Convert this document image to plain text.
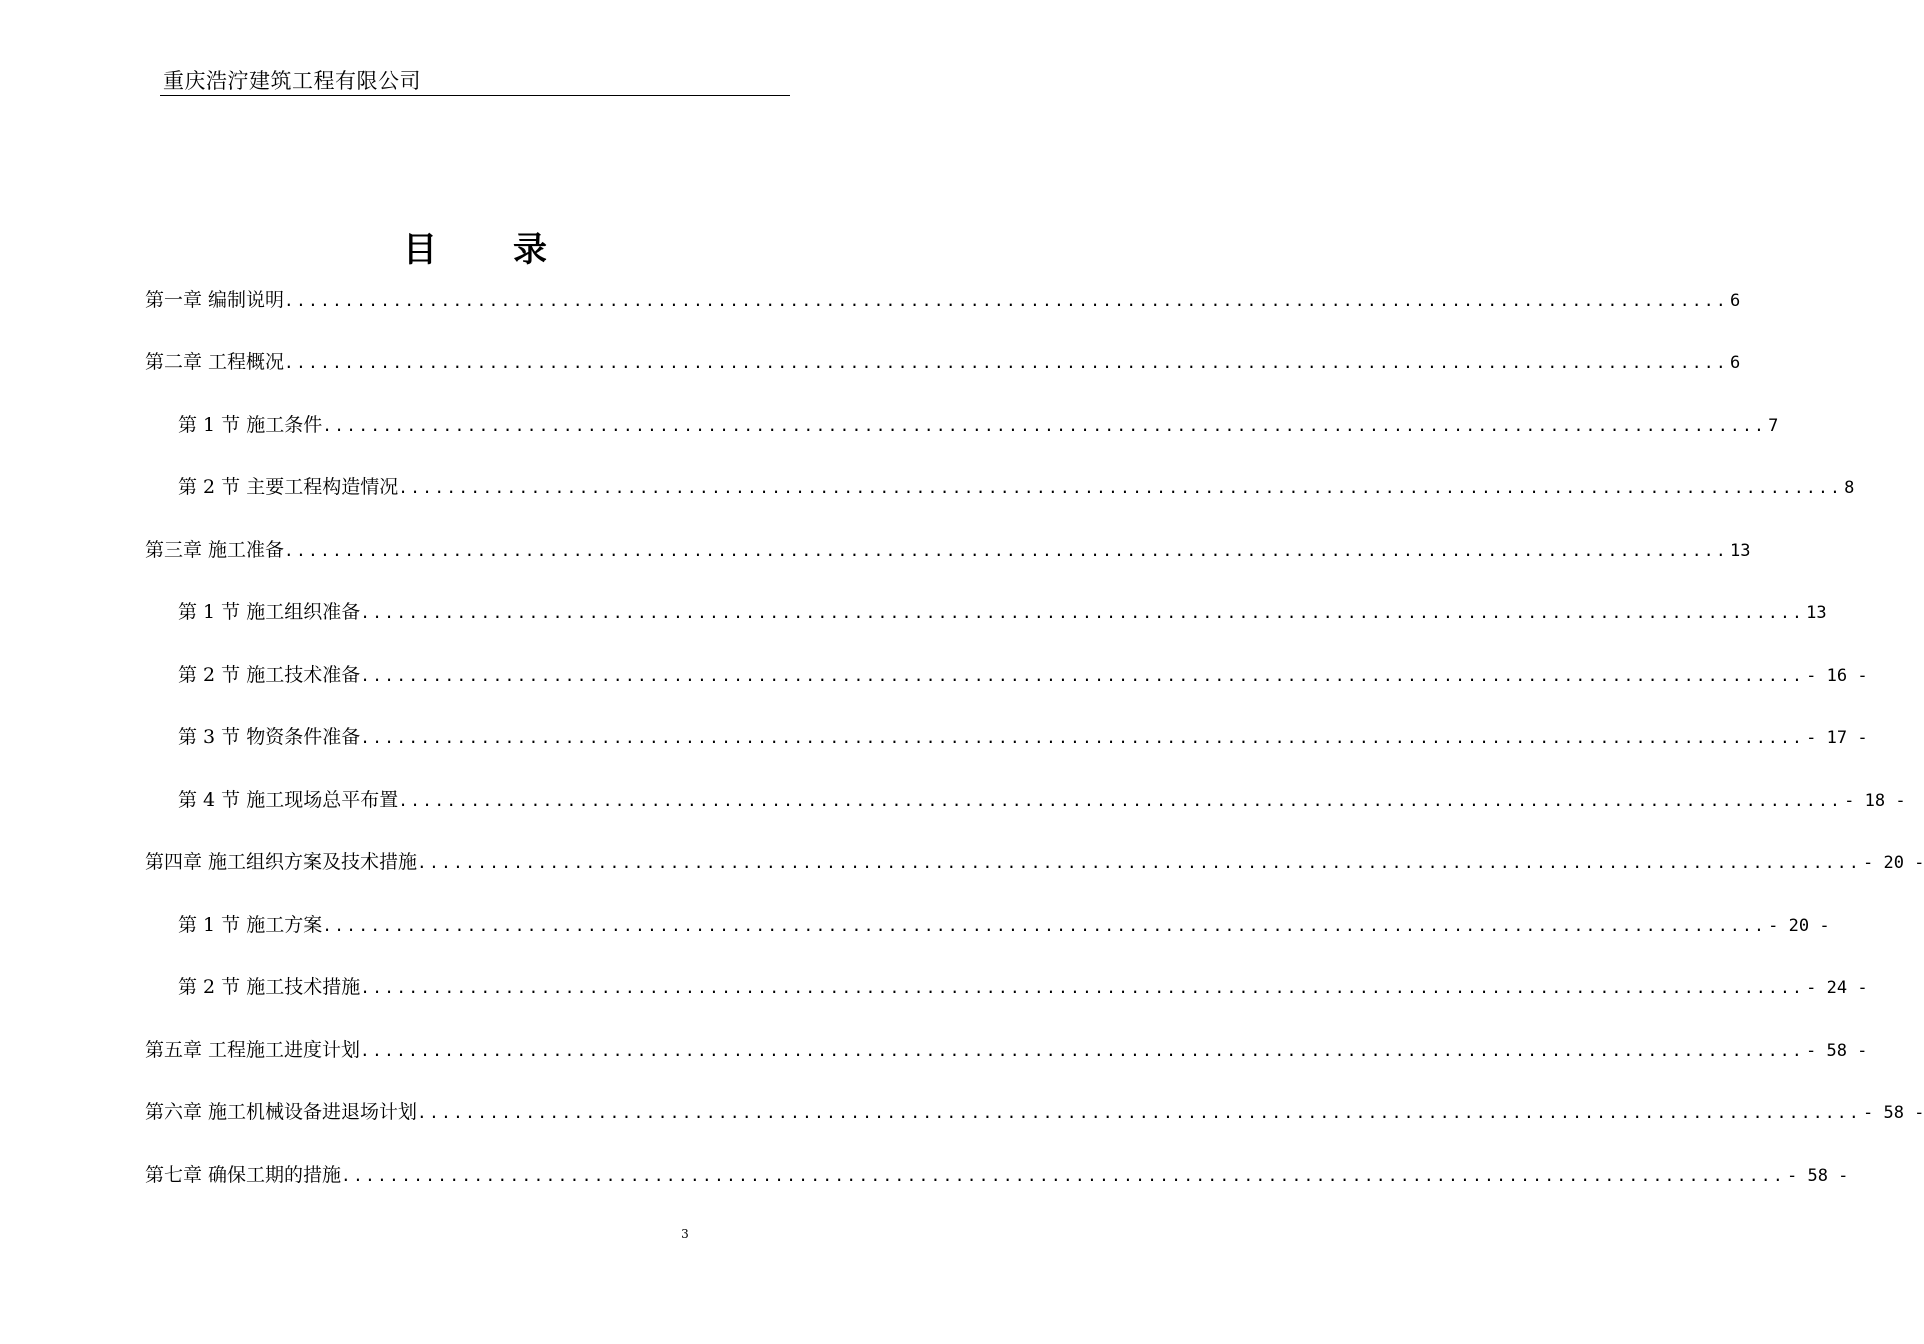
重庆浩泞建筑工程有限公司
目 录
第一章 编制说明 ........................................................................................................................ 6
第二章 工程概况 ........................................................................................................................ 6
第 1 节 施工条件 ........................................................................................................................ 7
第 2 节 主要工程构造情况 ........................................................................................................................ 8
第三章 施工准备 ........................................................................................................................ 13
第 1 节 施工组织准备 ........................................................................................................................ 13
第 2 节 施工技术准备 ........................................................................................................................ - 16 -
第 3 节 物资条件准备 ........................................................................................................................ - 17 -
第 4 节 施工现场总平布置 ........................................................................................................................ - 18 -
第四章 施工组织方案及技术措施 ........................................................................................................................ - 20 -
第 1 节 施工方案 ........................................................................................................................ - 20 -
第 2 节 施工技术措施 ........................................................................................................................ - 24 -
第五章 工程施工进度计划 ........................................................................................................................ - 58 -
第六章 施工机械设备进退场计划 ........................................................................................................................ - 58 -
第七章 确保工期的措施 ........................................................................................................................ - 58 -
3
